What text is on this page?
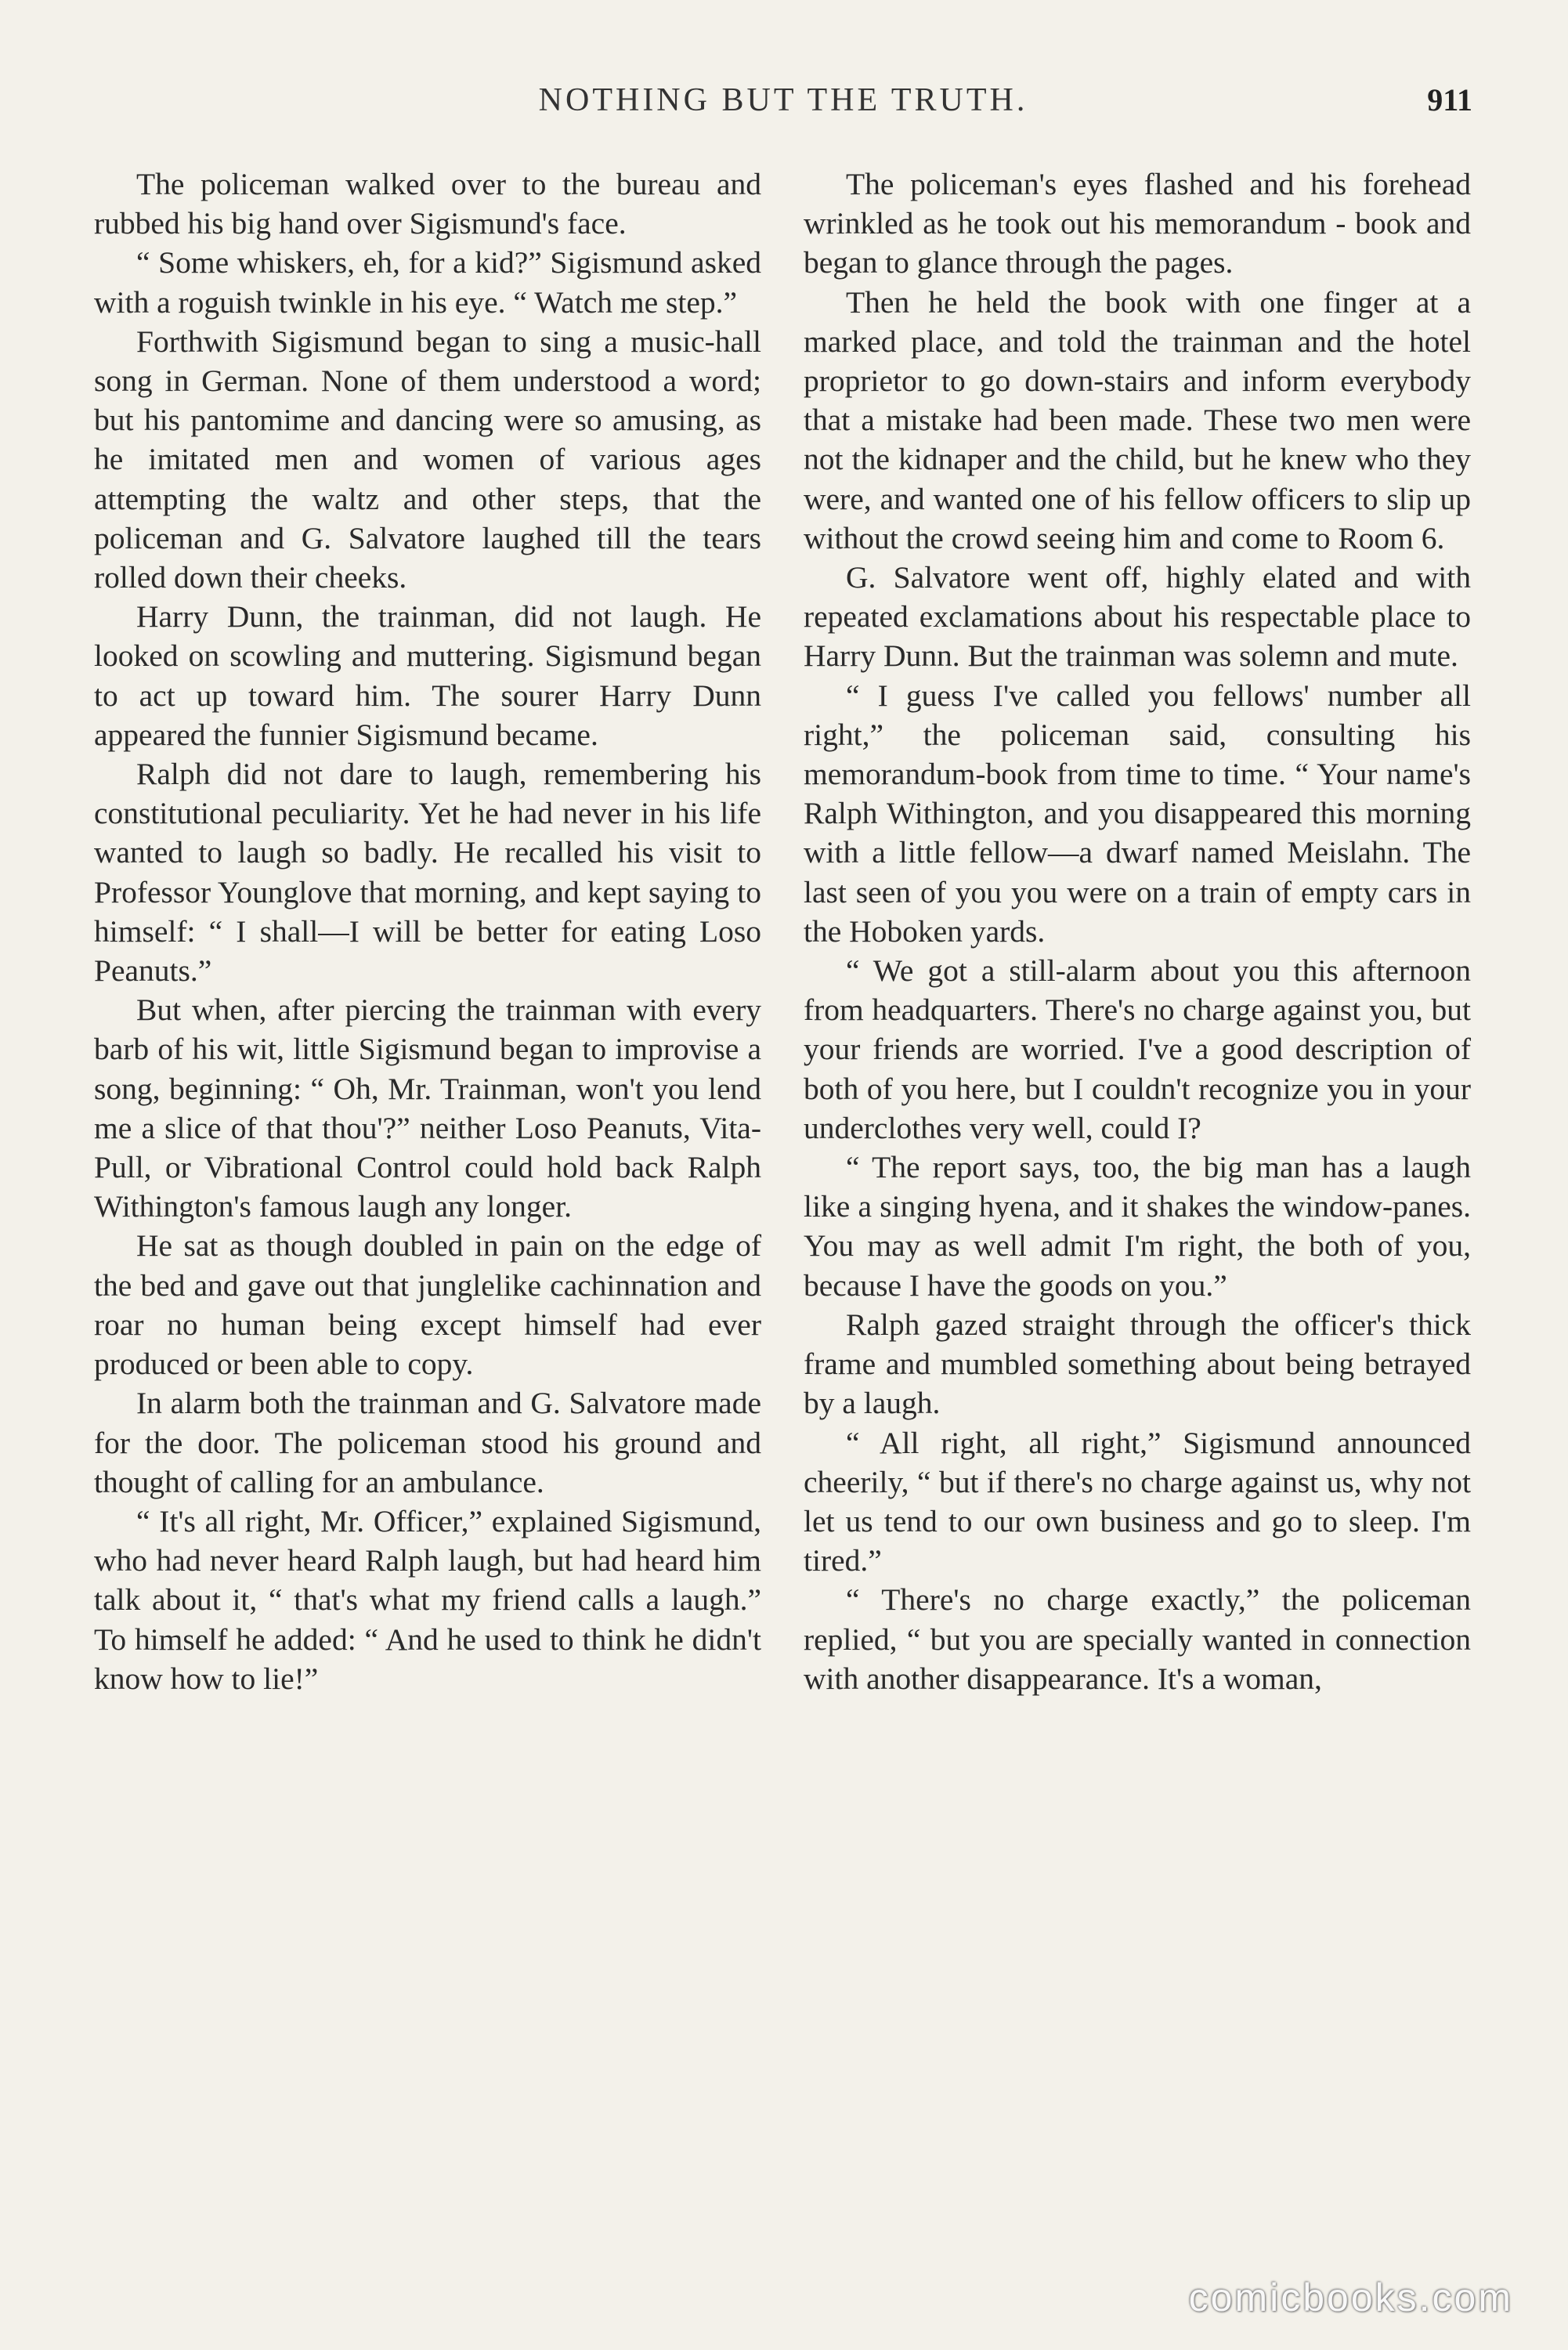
NOTHING BUT THE TRUTH.	911

The policeman walked over to the bureau and rubbed his big hand over Sigismund's face.

“ Some whiskers, eh, for a kid?” Sigismund asked with a roguish twinkle in his eye. “ Watch me step.”

Forthwith Sigismund began to sing a music-hall song in German. None of them understood a word; but his pantomime and dancing were so amusing, as he imitated men and women of various ages attempting the waltz and other steps, that the policeman and G. Salvatore laughed till the tears rolled down their cheeks.

Harry Dunn, the trainman, did not laugh. He looked on scowling and muttering. Sigismund began to act up toward him. The sourer Harry Dunn appeared the funnier Sigismund became.

Ralph did not dare to laugh, remembering his constitutional peculiarity. Yet he had never in his life wanted to laugh so badly. He recalled his visit to Professor Younglove that morning, and kept saying to himself: “ I shall—I will be better for eating Loso Peanuts.”

But when, after piercing the trainman with every barb of his wit, little Sigismund began to improvise a song, beginning: “ Oh, Mr. Trainman, won't you lend me a slice of that thou'?” neither Loso Peanuts, Vita-Pull, or Vibrational Control could hold back Ralph Withington's famous laugh any longer.

He sat as though doubled in pain on the edge of the bed and gave out that junglelike cachinnation and roar no human being except himself had ever produced or been able to copy.

In alarm both the trainman and G. Salvatore made for the door. The policeman stood his ground and thought of calling for an ambulance.

“ It's all right, Mr. Officer,” explained Sigismund, who had never heard Ralph laugh, but had heard him talk about it, “ that's what my friend calls a laugh.” To himself he added: “ And he used to think he didn't know how to lie!”

The policeman's eyes flashed and his forehead wrinkled as he took out his memorandum - book and began to glance through the pages.

Then he held the book with one finger at a marked place, and told the trainman and the hotel proprietor to go down-stairs and inform everybody that a mistake had been made. These two men were not the kidnaper and the child, but he knew who they were, and wanted one of his fellow officers to slip up without the crowd seeing him and come to Room 6.

G. Salvatore went off, highly elated and with repeated exclamations about his respectable place to Harry Dunn. But the trainman was solemn and mute.

“ I guess I've called you fellows' number all right,” the policeman said, consulting his memorandum-book from time to time. “ Your name's Ralph Withington, and you disappeared this morning with a little fellow—a dwarf named Meislahn. The last seen of you you were on a train of empty cars in the Hoboken yards.

“ We got a still-alarm about you this afternoon from headquarters. There's no charge against you, but your friends are worried. I've a good description of both of you here, but I couldn't recognize you in your underclothes very well, could I?

“ The report says, too, the big man has a laugh like a singing hyena, and it shakes the window-panes. You may as well admit I'm right, the both of you, because I have the goods on you.”

Ralph gazed straight through the officer's thick frame and mumbled something about being betrayed by a laugh.

“ All right, all right,” Sigismund announced cheerily, “ but if there's no charge against us, why not let us tend to our own business and go to sleep. I'm tired.”

“ There's no charge exactly,” the policeman replied, “ but you are specially wanted in connection with another disappearance. It's a woman,

comicbooks.com
